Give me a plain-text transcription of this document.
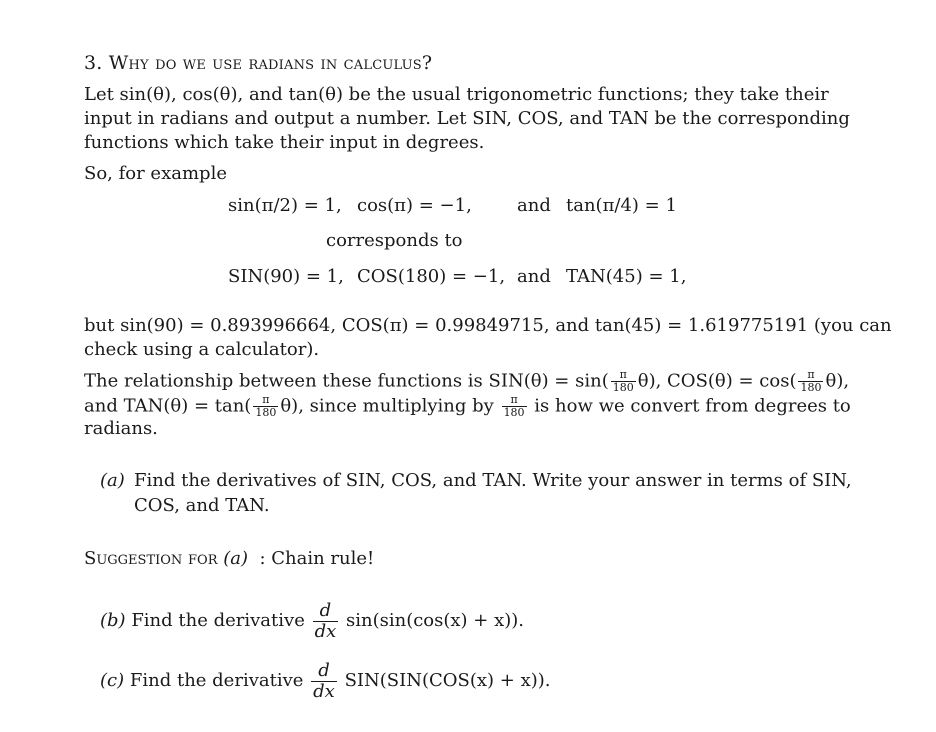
3. Why do we use radians in calculus?
Let sin(θ), cos(θ), and tan(θ) be the usual trigonometric functions; they take their
input in radians and output a number. Let SIN, COS, and TAN be the corresponding
functions which take their input in degrees.
So, for example
sin(π/2) = 1, cos(π) = −1,	and tan(π/4) = 1
corresponds to
SIN(90) = 1, COS(180) = −1, and TAN(45) = 1,
but sin(90) = 0.893996664, COS(π) = 0.99849715, and tan(45) = 1.619775191 (you can
check using a calculator).
The relationship between these functions is $SIN(\theta) = \sin( \frac{\pi}{180} \theta)$, $COS(\theta) = \cos( \frac{\pi}{180} \theta)$,
and $TAN(\theta) = \tan( \frac{\pi}{180} \theta)$, since multiplying by $\frac{\pi}{180}$ is how we convert from degrees to
radians.
(a) Find the derivatives of SIN, COS, and TAN. Write your answer in terms of SIN,
COS, and TAN.
Suggestion for (a) : Chain rule!
(b) Find the derivative $\frac{d}{dx} \sin(\sin(\cos(x) + x))$.
(c) Find the derivative $\frac{d}{dx} SIN(SIN(COS(x) + x))$.
